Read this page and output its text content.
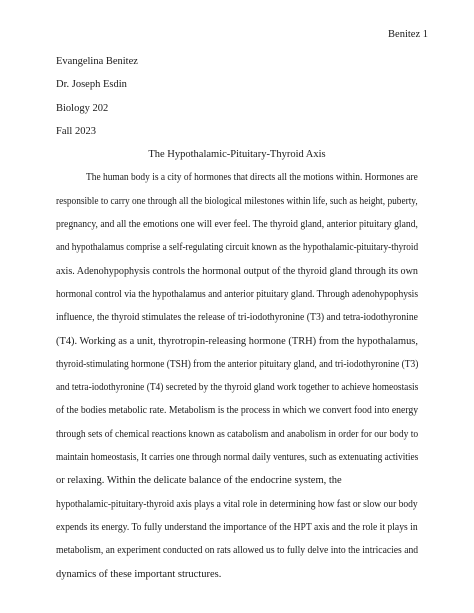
Benitez 1
Evangelina Benitez
Dr. Joseph Esdin
Biology 202
Fall 2023
The Hypothalamic-Pituitary-Thyroid Axis
The human body is a city of hormones that directs all the motions within. Hormones are
responsible to carry one through all the biological milestones within life, such as height, puberty,
pregnancy, and all the emotions one will ever feel. The thyroid gland, anterior pituitary gland,
and hypothalamus comprise a self-regulating circuit known as the hypothalamic-pituitary-thyroid
axis. Adenohypophysis controls the hormonal output of the thyroid gland through its own
hormonal control via the hypothalamus and anterior pituitary gland. Through adenohypophysis
influence, the thyroid stimulates the release of tri-iodothyronine (T3) and tetra-iodothyronine
(T4). Working as a unit, thyrotropin-releasing hormone (TRH) from the hypothalamus,
thyroid-stimulating hormone (TSH) from the anterior pituitary gland, and tri-iodothyronine (T3)
and tetra-iodothyronine (T4) secreted by the thyroid gland work together to achieve homeostasis
of the bodies metabolic rate. Metabolism is the process in which we convert food into energy
through sets of chemical reactions known as catabolism and anabolism in order for our body to
maintain homeostasis, It carries one through normal daily ventures, such as extenuating activities
or relaxing. Within the delicate balance of the endocrine system, the
hypothalamic-pituitary-thyroid axis plays a vital role in determining how fast or slow our body
expends its energy. To fully understand the importance of the HPT axis and the role it plays in
metabolism, an experiment conducted on rats allowed us to fully delve into the intricacies and
dynamics of these important structures.
